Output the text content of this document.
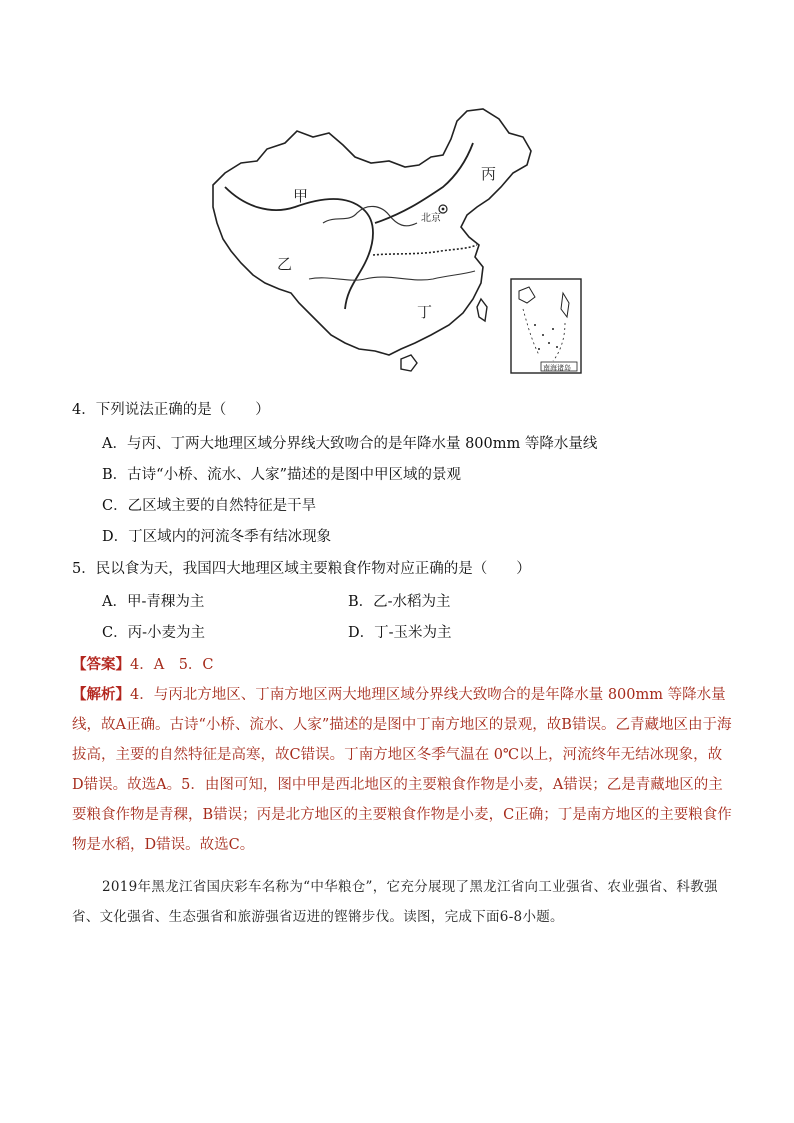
甲
乙
丙
丁
北京
南海诸岛
4．下列说法正确的是（　　）
A．与丙、丁两大地理区域分界线大致吻合的是年降水量 800mm 等降水量线
B．古诗“小桥、流水、人家”描述的是图中甲区域的景观
C．乙区域主要的自然特征是干旱
D．丁区域内的河流冬季有结冰现象
5．民以食为天，我国四大地理区域主要粮食作物对应正确的是（　　）
A．甲-青稞为主	B．乙-水稻为主
C．丙-小麦为主	D．丁-玉米为主
【答案】4．A　5．C
【解析】4．与丙北方地区、丁南方地区两大地理区域分界线大致吻合的是年降水量 800mm 等降水量线，故A正确。古诗“小桥、流水、人家”描述的是图中丁南方地区的景观，故B错误。乙青藏地区由于海拔高，主要的自然特征是高寒，故C错误。丁南方地区冬季气温在 0℃以上，河流终年无结冰现象，故D错误。故选A。5．由图可知，图中甲是西北地区的主要粮食作物是小麦，A错误；乙是青藏地区的主要粮食作物是青稞，B错误；丙是北方地区的主要粮食作物是小麦，C正确；丁是南方地区的主要粮食作物是水稻，D错误。故选C。
2019年黑龙江省国庆彩车名称为“中华粮仓”，它充分展现了黑龙江省向工业强省、农业强省、科教强省、文化强省、生态强省和旅游强省迈进的铿锵步伐。读图，完成下面6-8小题。
